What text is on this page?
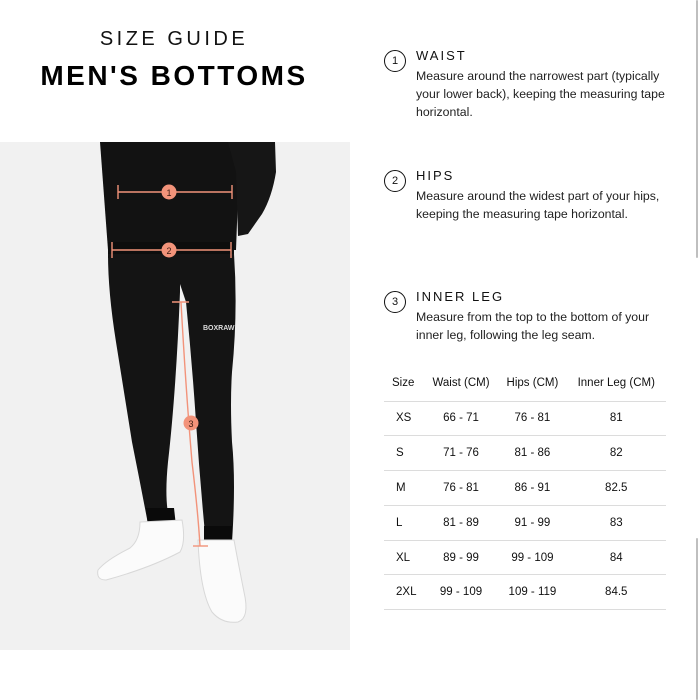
SIZE GUIDE
MEN'S BOTTOMS
BOXRAW
1
2
3
1	WAIST
Measure around the narrowest part (typically your lower back), keeping the measuring tape horizontal.
2	HIPS
Measure around the widest part of your hips, keeping the measuring tape horizontal.
3	INNER LEG
Measure from the top to the bottom of your inner leg, following the leg seam.
Size	Waist (CM)	Hips (CM)	Inner Leg (CM)
XS	66 - 71	76 - 81	81
S	71 - 76	81 - 86	82
M	76 - 81	86 - 91	82.5
L	81 - 89	91 - 99	83
XL	89 - 99	99 - 109	84
2XL	99 - 109	109 - 119	84.5
